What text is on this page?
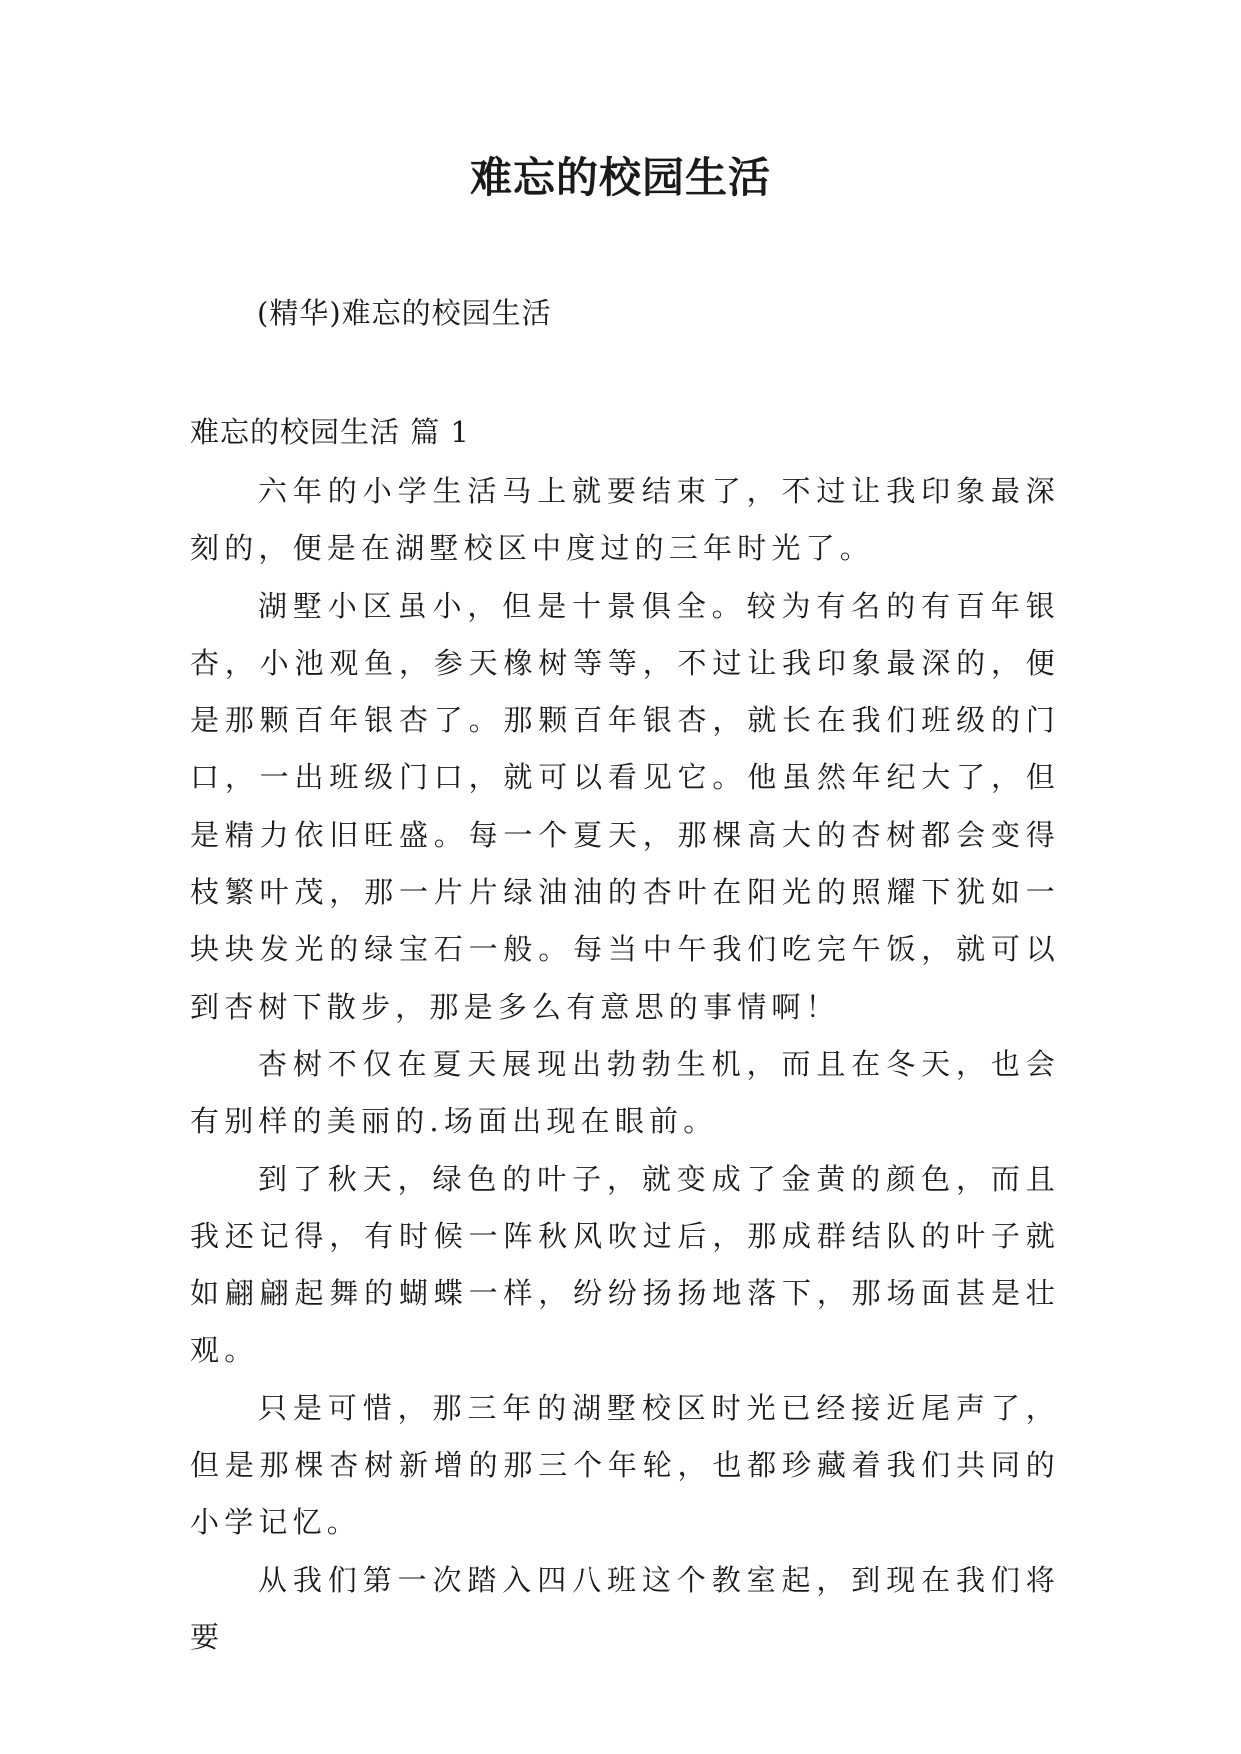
难忘的校园生活
(精华)难忘的校园生活
难忘的校园生活 篇 1

六年的小学生活马上就要结束了，不过让我印象最深刻的，便是在湖墅校区中度过的三年时光了。

湖墅小区虽小，但是十景俱全。较为有名的有百年银杏，小池观鱼，参天橡树等等，不过让我印象最深的，便是那颗百年银杏了。那颗百年银杏，就长在我们班级的门口，一出班级门口，就可以看见它。他虽然年纪大了，但是精力依旧旺盛。每一个夏天，那棵高大的杏树都会变得枝繁叶茂，那一片片绿油油的杏叶在阳光的照耀下犹如一块块发光的绿宝石一般。每当中午我们吃完午饭，就可以到杏树下散步，那是多么有意思的事情啊！

杏树不仅在夏天展现出勃勃生机，而且在冬天，也会有别样的美丽的.场面出现在眼前。

到了秋天，绿色的叶子，就变成了金黄的颜色，而且我还记得，有时候一阵秋风吹过后，那成群结队的叶子就如翩翩起舞的蝴蝶一样，纷纷扬扬地落下，那场面甚是壮观。

只是可惜，那三年的湖墅校区时光已经接近尾声了，但是那棵杏树新增的那三个年轮，也都珍藏着我们共同的小学记忆。

从我们第一次踏入四八班这个教室起，到现在我们将要
